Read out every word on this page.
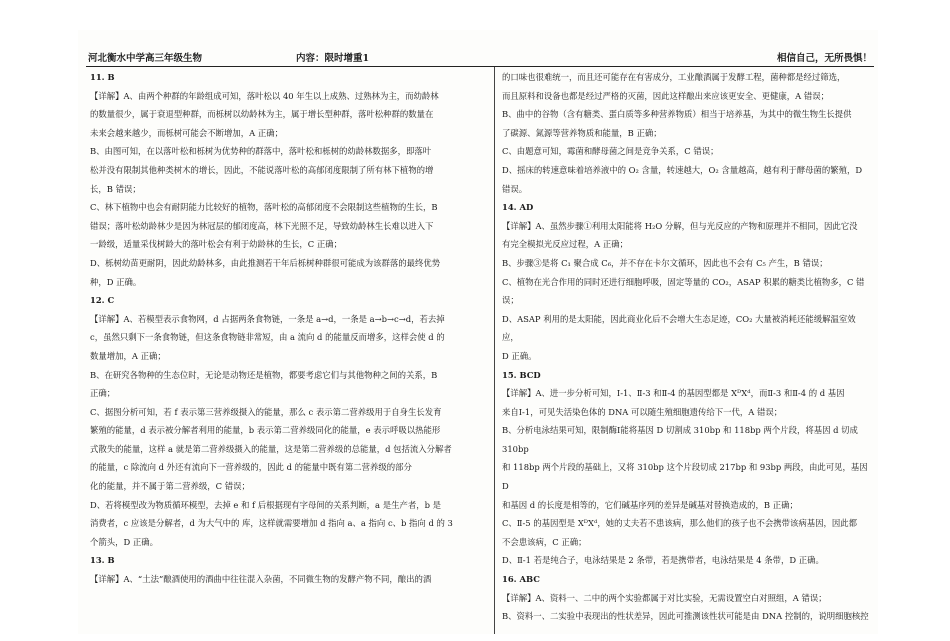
河北衡水中学高三年级生物	内容：限时增重1	相信自己，无所畏惧！

11. B

【详解】A、由两个种群的年龄组成可知，落叶松以 40 年生以上成熟、过熟林为主，而幼龄林

的数量很少，属于衰退型种群，而栎树以幼龄林为主，属于增长型种群，落叶松种群的数量在

未来会越来越少，而栎树可能会不断增加，A 正确；

B、由图可知，在以落叶松和栎树为优势种的群落中，落叶松和栎树的幼龄林数据多，即落叶

松并没有限制其他种类树木的增长，因此，不能说落叶松的高郁闭度限制了所有林下植物的增

长，B 错误；

C、林下植物中也会有耐阴能力比较好的植物，落叶松的高郁闭度不会限制这些植物的生长，B

错误；落叶松幼龄林少是因为林冠层的郁闭度高，林下光照不足，导致幼龄林生长难以进入下

一龄级，适量采伐树龄大的落叶松会有利于幼龄林的生长，C 正确；

D、栎树幼苗更耐阴，因此幼龄林多，由此推测若干年后栎树种群很可能成为该群落的最终优势

种，D 正确。

12. C

【详解】A、若模型表示食物网，d 占据两条食物链，一条是 a→d，一条是 a→b→c→d，若去掉

c，虽然只剩下一条食物链，但这条食物链非常短，由 a 流向 d 的能量反而增多，这样会使 d 的

数量增加，A 正确；

B、在研究各物种的生态位时，无论是动物还是植物，都要考虑它们与其他物种之间的关系，B

正确；

C、据图分析可知，若 f 表示第三营养级摄入的能量，那么 c 表示第二营养级用于自身生长发育

繁殖的能量，d 表示被分解者利用的能量，b 表示第二营养级同化的能量，e 表示呼吸以热能形

式散失的能量，这样 a 就是第二营养级摄入的能量，这是第二营养级的总能量，d 包括流入分解者

的能量，c 除流向 d 外还有流向下一营养级的，因此 d 的能量中既有第二营养级的部分

化的能量，并不属于第二营养级，C 错误；

D、若将模型改为物质循环模型，去掉 e 和 f 后根据现有字母间的关系判断，a 是生产者，b 是

消费者，c 应该是分解者，d 为大气中的 库，这样就需要增加 d 指向 a、a 指向 c、b 指向 d 的 3

个箭头，D 正确。

13. B

【详解】A、“土法”酿酒使用的酒曲中往往混入杂菌，不同微生物的发酵产物不同，酿出的酒

的口味也很难统一，而且还可能存在有害成分，工业酿酒属于发酵工程，菌种都是经过筛选，

而且原料和设备也都是经过严格的灭菌，因此这样酿出来应该更安全、更健康，A 错误；

B、曲中的谷物（含有糖类、蛋白质等多种营养物质）相当于培养基，为其中的微生物生长提供

了碳源、氮源等营养物质和能量，B 正确；

C、由题意可知，霉菌和酵母菌之间是竞争关系，C 错误；

D、摇床的转速意味着培养液中的 O₂ 含量，转速越大，O₂ 含量越高，越有利于酵母菌的繁殖，D

错误。

14. AD

【详解】A、虽然步骤①利用太阳能将 H₂O 分解，但与光反应的产物和原理并不相同，因此它没

有完全模拟光反应过程，A 正确；

B、步骤③是将 C₁ 聚合成 C₆，并不存在卡尔文循环，因此也不会有 C₅ 产生，B 错误；

C、植物在光合作用的同时还进行细胞呼吸，固定等量的 CO₂，ASAP 积累的糖类比植物多，C 错

误；

D、ASAP 利用的是太阳能，因此商业化后不会增大生态足迹，CO₂ 大量被消耗还能缓解温室效应，

D 正确。

15. BCD

【详解】A、进一步分析可知，Ⅰ-1、Ⅱ-3 和Ⅱ-4 的基因型都是 XᴰXᵈ，而Ⅱ-3 和Ⅱ-4 的 d 基因

来自Ⅰ-1，可见失活染色体的 DNA 可以随生殖细胞遗传给下一代，A 错误；

B、分析电泳结果可知，限制酶Ⅰ能将基因 D 切割成 310bp 和 118bp 两个片段，将基因 d 切成 310bp

和 118bp 两个片段的基础上，又将 310bp 这个片段切成 217bp 和 93bp 两段，由此可见，基因 D

和基因 d 的长度是相等的，它们碱基序列的差异是碱基对替换造成的，B 正确；

C、Ⅱ-5 的基因型是 XᴰXᵈ，她的丈夫若不患该病，那么他们的孩子也不会携带该病基因，因此都

不会患该病，C 正确；

D、Ⅱ-1 若是纯合子，电泳结果是 2 条带，若是携带者，电泳结果是 4 条带，D 正确。

16. ABC

【详解】A、资料一、二中的两个实验都属于对比实验，无需设置空白对照组，A 错误；

B、资料一、二实验中表现出的性状差异，因此可推测该性状可能是由 DNA 控制的，说明细胞核控
